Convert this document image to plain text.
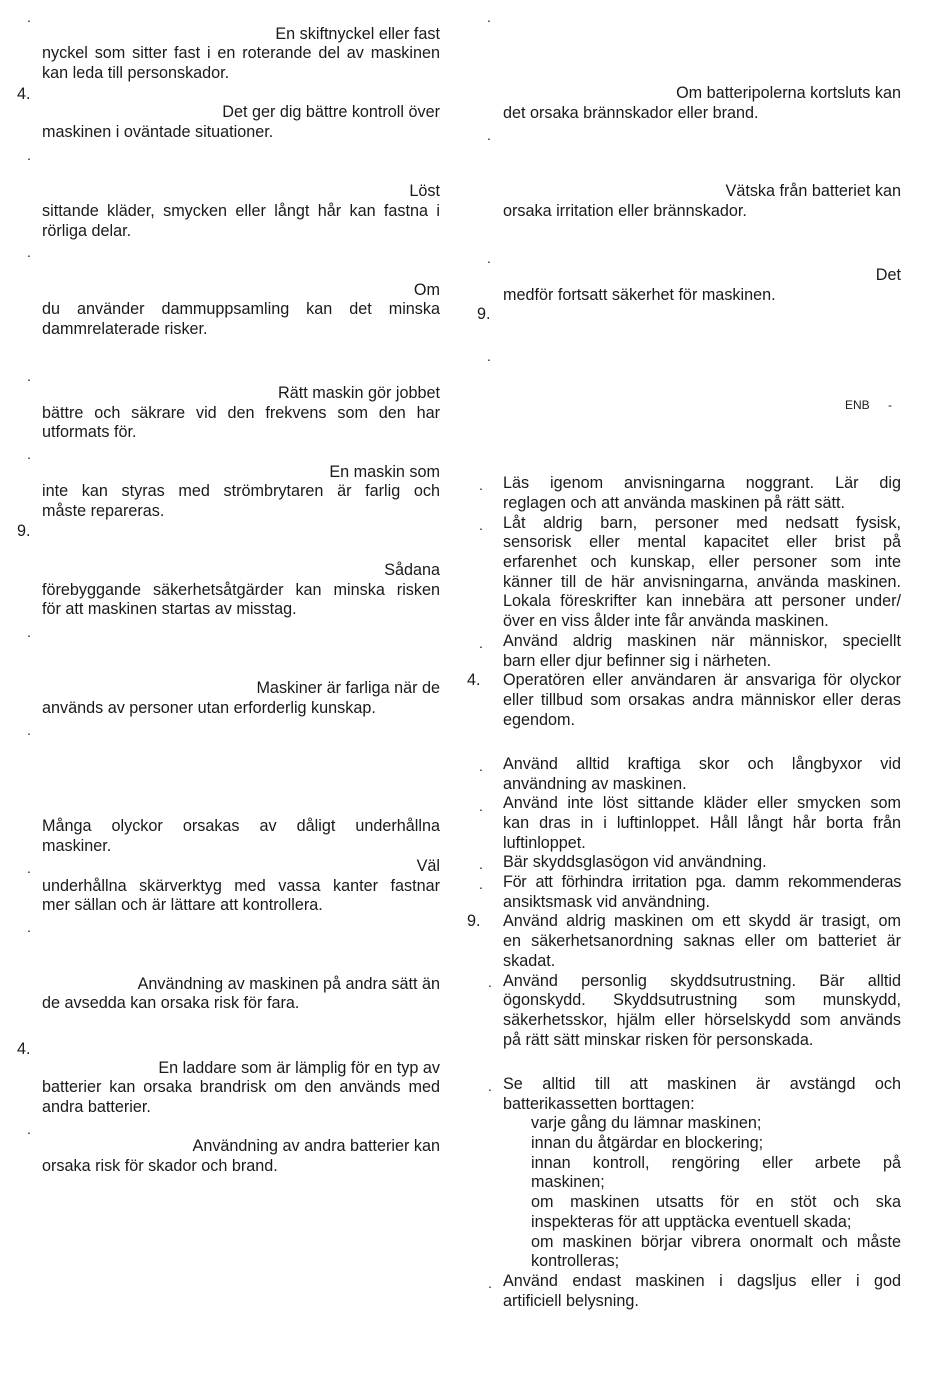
.
4.
.
.
.
.
9.
.
.
.
.
4.
.
En skiftnyckel eller fast
nyckel som sitter fast i en roterande del av maskinen
kan leda till personskador.
Det ger dig bättre kontroll över
maskinen i oväntade situationer.
Löst
sittande kläder, smycken eller långt hår kan fastna i
rörliga delar.
Om
du använder dammuppsamling kan det minska
dammrelaterade risker.
Rätt maskin gör jobbet
bättre och säkrare vid den frekvens som den har
utformats för.
En maskin som
inte kan styras med strömbrytaren är farlig och
måste repareras.
Sådana
förebyggande säkerhetsåtgärder kan minska risken
för att maskinen startas av misstag.
Maskiner är farliga när de
används av personer utan erforderlig kunskap.
Många olyckor orsakas av dåligt underhållna
maskiner.
Väl
underhållna skärverktyg med vassa kanter fastnar
mer sällan och är lättare att kontrollera.
Användning av maskinen på andra sätt än
de avsedda kan orsaka risk för fara.
En laddare som är lämplig för en typ av
batterier kan orsaka brandrisk om den används med
andra batterier.
Användning av andra batterier kan
orsaka risk för skador och brand.
.
.
.
9.
.
Om batteripolerna kortsluts kan
det orsaka brännskador eller brand.
Vätska från batteriet kan
orsaka irritation eller brännskador.
Det
medför fortsatt säkerhet för maskinen.
ENB -
.
.
.
4.
.
.
.
.
9.
.
.
.
Läs igenom anvisningarna noggrant. Lär dig
reglagen och att använda maskinen på rätt sätt.
Låt aldrig barn, personer med nedsatt fysisk,
sensorisk eller mental kapacitet eller brist på
erfarenhet och kunskap, eller personer som inte
känner till de här anvisningarna, använda maskinen.
Lokala föreskrifter kan innebära att personer under/
över en viss ålder inte får använda maskinen.
Använd aldrig maskinen när människor, speciellt
barn eller djur befinner sig i närheten.
Operatören eller användaren är ansvariga för olyckor
eller tillbud som orsakas andra människor eller deras
egendom.
Använd alltid kraftiga skor och långbyxor vid
användning av maskinen.
Använd inte löst sittande kläder eller smycken som
kan dras in i luftinloppet. Håll långt hår borta från
luftinloppet.
Bär skyddsglasögon vid användning.
För att förhindra irritation pga. damm rekommenderas
ansiktsmask vid användning.
Använd aldrig maskinen om ett skydd är trasigt, om
en säkerhetsanordning saknas eller om batteriet är
skadat.
Använd personlig skyddsutrustning. Bär alltid
ögonskydd. Skyddsutrustning som munskydd,
säkerhetsskor, hjälm eller hörselskydd som används
på rätt sätt minskar risken för personskada.
Se alltid till att maskinen är avstängd och
batterikassetten borttagen:
varje gång du lämnar maskinen;
innan du åtgärdar en blockering;
innan kontroll, rengöring eller arbete på
maskinen;
om maskinen utsatts för en stöt och ska
inspekteras för att upptäcka eventuell skada;
om maskinen börjar vibrera onormalt och måste
kontrolleras;
Använd endast maskinen i dagsljus eller i god
artificiell belysning.
